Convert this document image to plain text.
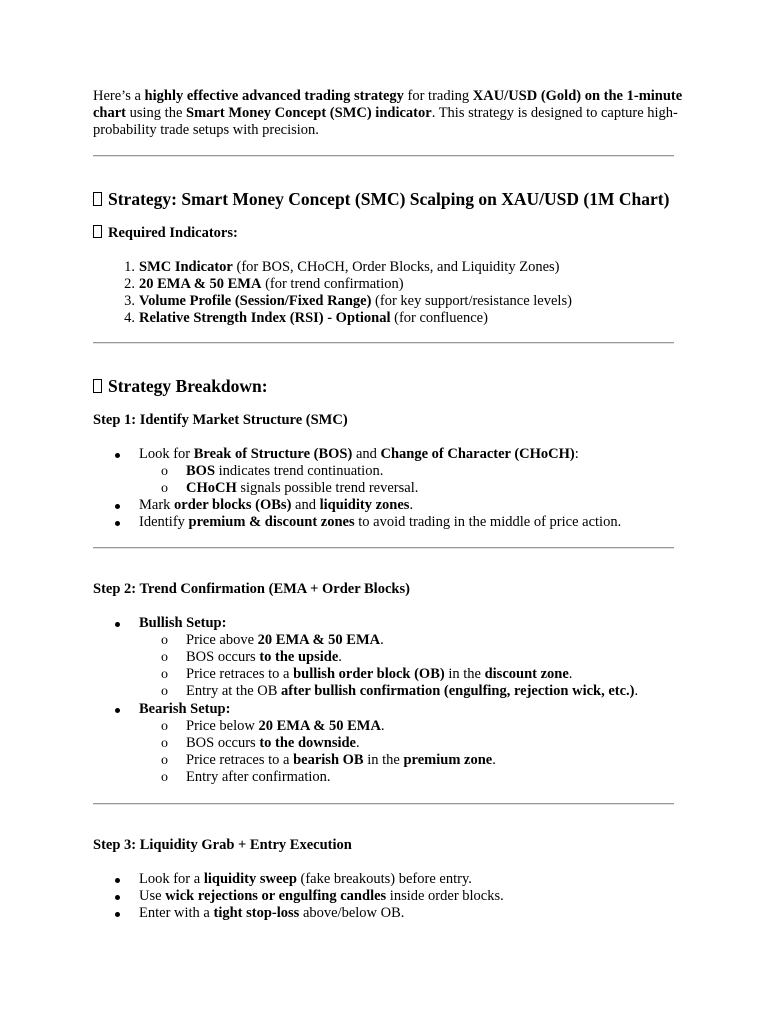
Here’s a highly effective advanced trading strategy for trading XAU/USD (Gold) on the 1-minute chart using the Smart Money Concept (SMC) indicator. This strategy is designed to capture high-probability trade setups with precision.

Strategy: Smart Money Concept (SMC) Scalping on XAU/USD (1M Chart)
Required Indicators:
1. SMC Indicator (for BOS, CHoCH, Order Blocks, and Liquidity Zones)
2. 20 EMA & 50 EMA (for trend confirmation)
3. Volume Profile (Session/Fixed Range) (for key support/resistance levels)
4. Relative Strength Index (RSI) - Optional (for confluence)
Strategy Breakdown:
Step 1: Identify Market Structure (SMC)
Look for Break of Structure (BOS) and Change of Character (CHoCH):
o BOS indicates trend continuation.
o CHoCH signals possible trend reversal.
Mark order blocks (OBs) and liquidity zones.
Identify premium & discount zones to avoid trading in the middle of price action.
Step 2: Trend Confirmation (EMA + Order Blocks)
Bullish Setup:
o Price above 20 EMA & 50 EMA.
o BOS occurs to the upside.
o Price retraces to a bullish order block (OB) in the discount zone.
o Entry at the OB after bullish confirmation (engulfing, rejection wick, etc.).
Bearish Setup:
o Price below 20 EMA & 50 EMA.
o BOS occurs to the downside.
o Price retraces to a bearish OB in the premium zone.
o Entry after confirmation.
Step 3: Liquidity Grab + Entry Execution
Look for a liquidity sweep (fake breakouts) before entry.
Use wick rejections or engulfing candles inside order blocks.
Enter with a tight stop-loss above/below OB.
